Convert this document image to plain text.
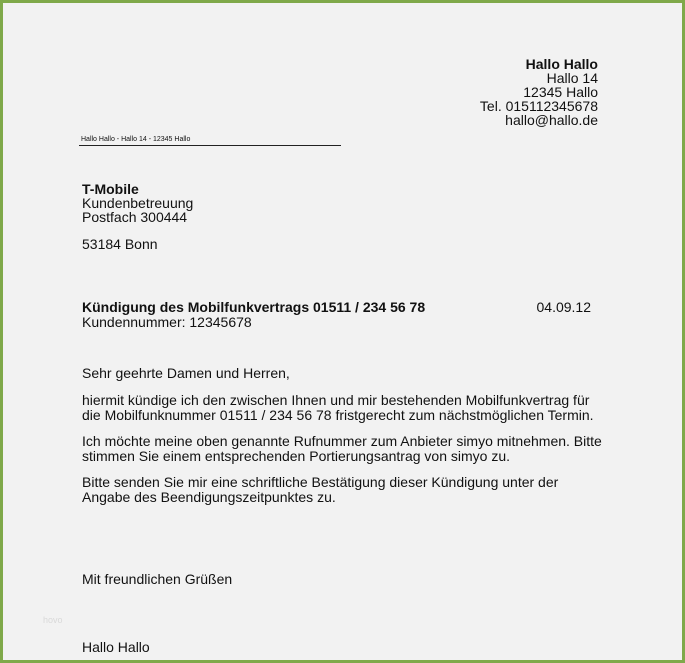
Hallo Hallo
Hallo 14
12345 Hallo
Tel. 015112345678
hallo@hallo.de
Hallo Hallo - Hallo 14 - 12345 Hallo
T-Mobile
Kundenbetreuung
Postfach 300444
53184 Bonn
Kündigung des Mobilfunkvertrags 01511 / 234 56 78	04.09.12
Kundennummer: 12345678
Sehr geehrte Damen und Herren,
hiermit kündige ich den zwischen Ihnen und mir bestehenden Mobilfunkvertrag für
die Mobilfunknummer 01511 / 234 56 78 fristgerecht zum nächstmöglichen Termin.
Ich möchte meine oben genannte Rufnummer zum Anbieter simyo mitnehmen. Bitte
stimmen Sie einem entsprechenden Portierungsantrag von simyo zu.
Bitte senden Sie mir eine schriftliche Bestätigung dieser Kündigung unter der
Angabe des Beendigungszeitpunktes zu.
Mit freundlichen Grüßen
hovo
Hallo Hallo
